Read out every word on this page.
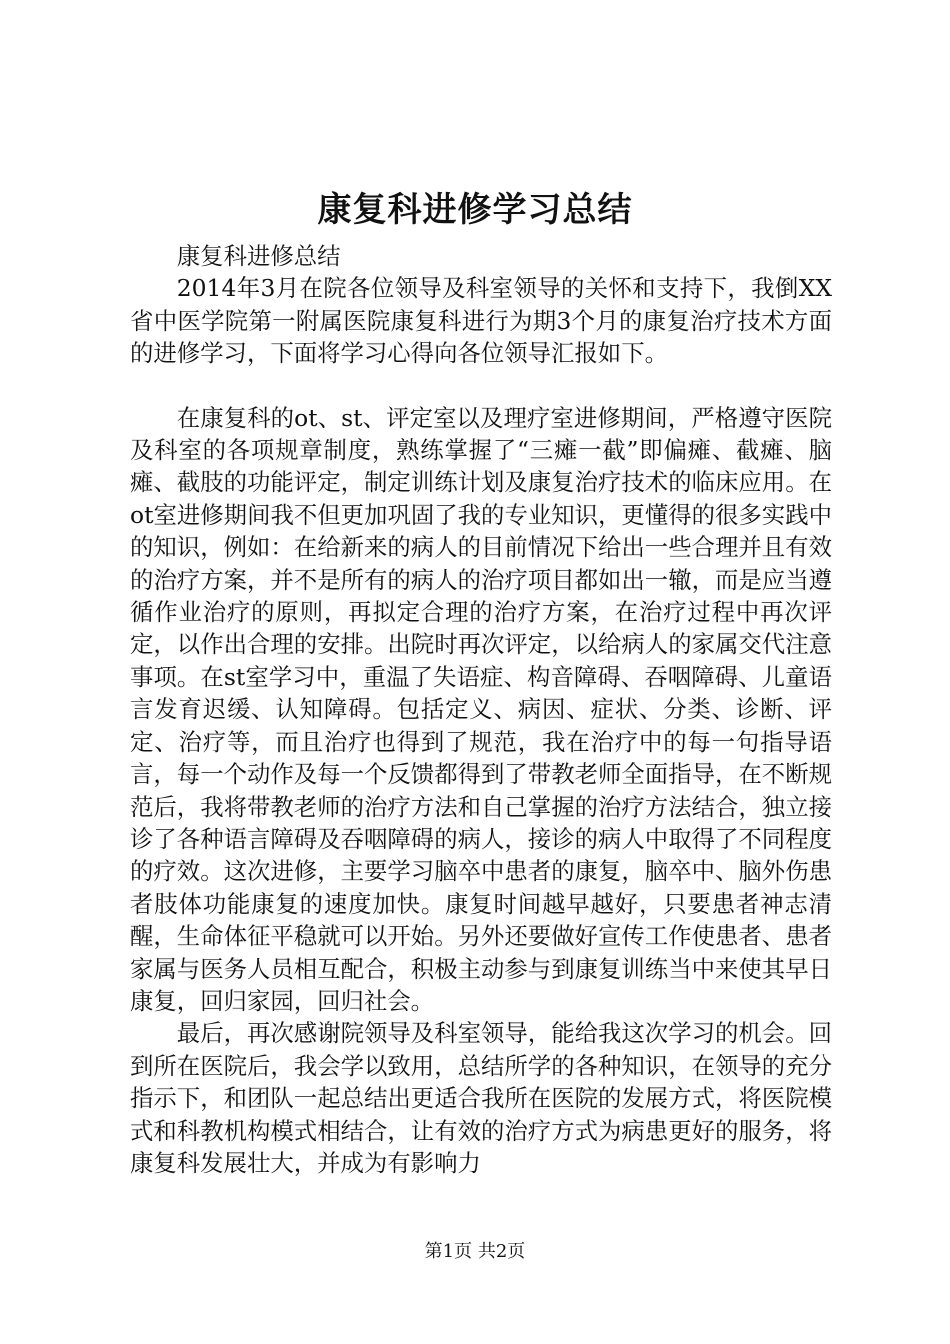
康复科进修学习总结

康复科进修总结

2014年3月在院各位领导及科室领导的关怀和支持下，我倒XX省中医学院第一附属医院康复科进行为期3个月的康复治疗技术方面的进修学习，下面将学习心得向各位领导汇报如下。

在康复科的ot、st、评定室以及理疗室进修期间，严格遵守医院及科室的各项规章制度，熟练掌握了“三瘫一截”即偏瘫、截瘫、脑瘫、截肢的功能评定，制定训练计划及康复治疗技术的临床应用。在ot室进修期间我不但更加巩固了我的专业知识，更懂得的很多实践中的知识，例如：在给新来的病人的目前情况下给出一些合理并且有效的治疗方案，并不是所有的病人的治疗项目都如出一辙，而是应当遵循作业治疗的原则，再拟定合理的治疗方案，在治疗过程中再次评定，以作出合理的安排。出院时再次评定，以给病人的家属交代注意事项。在st室学习中，重温了失语症、构音障碍、吞咽障碍、儿童语言发育迟缓、认知障碍。包括定义、病因、症状、分类、诊断、评定、治疗等，而且治疗也得到了规范，我在治疗中的每一句指导语言，每一个动作及每一个反馈都得到了带教老师全面指导，在不断规范后，我将带教老师的治疗方法和自己掌握的治疗方法结合，独立接诊了各种语言障碍及吞咽障碍的病人，接诊的病人中取得了不同程度的疗效。这次进修，主要学习脑卒中患者的康复，脑卒中、脑外伤患者肢体功能康复的速度加快。康复时间越早越好，只要患者神志清醒，生命体征平稳就可以开始。另外还要做好宣传工作使患者、患者家属与医务人员相互配合，积极主动参与到康复训练当中来使其早日康复，回归家园，回归社会。

最后，再次感谢院领导及科室领导，能给我这次学习的机会。回到所在医院后，我会学以致用，总结所学的各种知识，在领导的充分指示下，和团队一起总结出更适合我所在医院的发展方式，将医院模式和科教机构模式相结合，让有效的治疗方式为病患更好的服务，将康复科发展壮大，并成为有影响力

第1页 共2页
